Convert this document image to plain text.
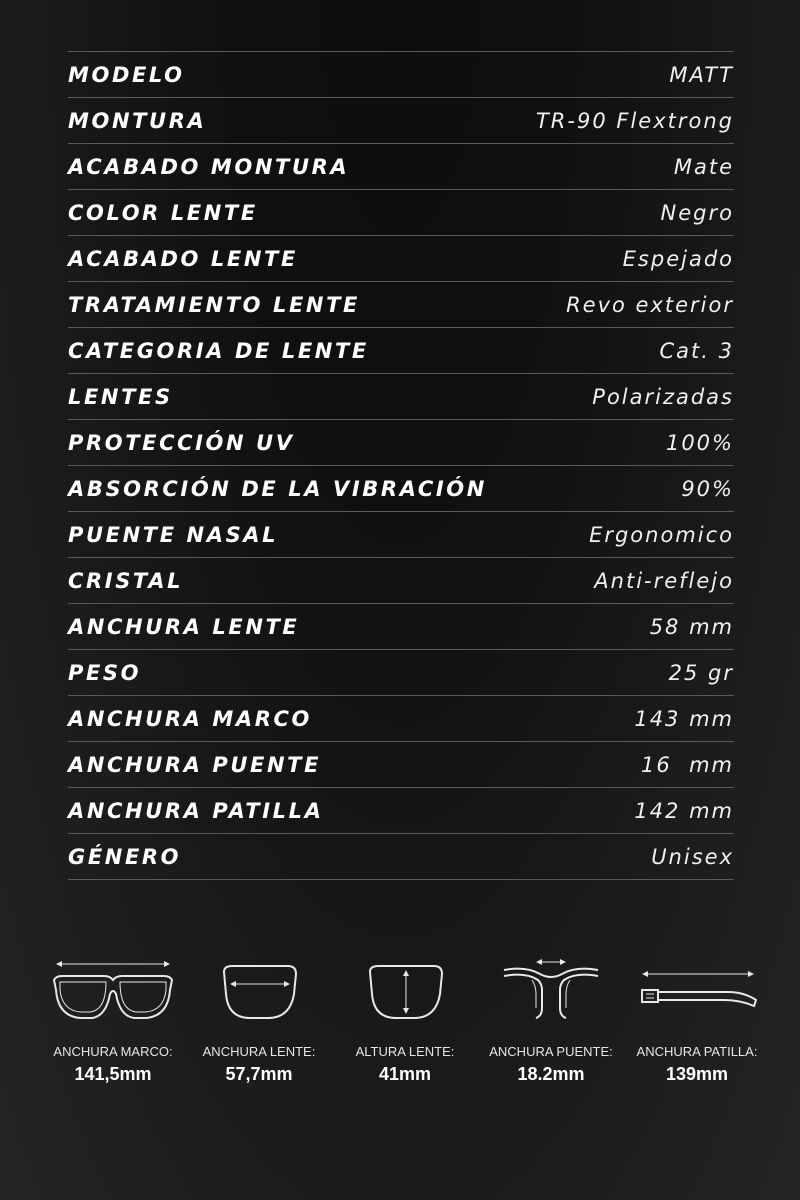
MODELO	MATT
MONTURA	TR-90 Flextrong
ACABADO MONTURA	Mate
COLOR LENTE	Negro
ACABADO LENTE	Espejado
TRATAMIENTO LENTE	Revo exterior
CATEGORIA DE LENTE	Cat. 3
LENTES	Polarizadas
PROTECCIÓN UV	100%
ABSORCIÓN DE LA VIBRACIÓN	90%
PUENTE NASAL	Ergonomico
CRISTAL	Anti-reflejo
ANCHURA LENTE	58 mm
PESO	25 gr
ANCHURA MARCO	143 mm
ANCHURA PUENTE	16  mm
ANCHURA PATILLA	142 mm
GÉNERO	Unisex
ANCHURA MARCO:
141,5mm
ANCHURA LENTE:
57,7mm
ALTURA LENTE:
41mm
ANCHURA PUENTE:
18.2mm
ANCHURA PATILLA:
139mm
